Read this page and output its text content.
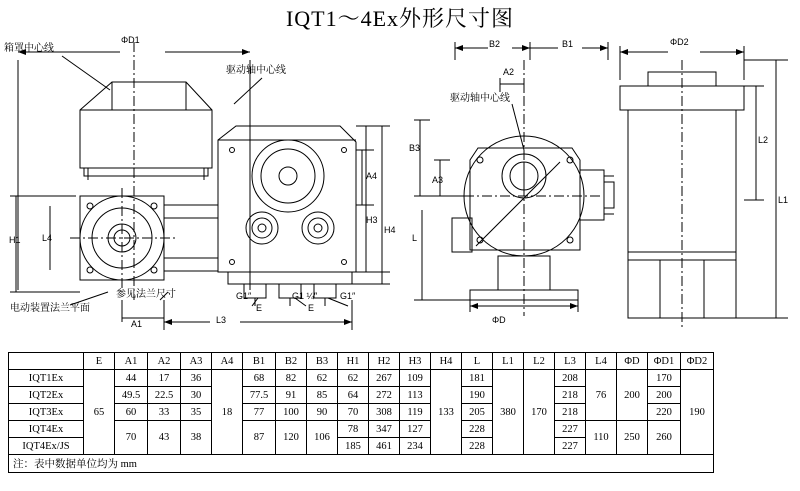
IQT1～4Ex外形尺寸图
ΦD1
箱罩中心线
驱动轴中心线
A4
H3
H4
H1 L4
参见法兰尺寸
电动装置法兰平面
G1″	G1 ¼″	G1″
E	E
A1	L3
B2	B1	ΦD2
A2
驱动轴中心线
B3
A3
L
L2
L1
ΦD
	E	A1	A2	A3	A4	B1	B2	B3	H1	H2	H3	H4	L	L1	L2	L3	L4	ΦD	ΦD1	ΦD2
IQT1Ex	65	44	17	36	18	68	82	62	62	267	109	133	181	380	170	208	76	200	170	190
IQT2Ex		49.5	22.5	30		77.5	91	85	64	272	113		190			218			200	
IQT3Ex		60	33	35		77	100	90	70	308	119		205			218			220	
IQT4Ex		70	43	38		87	120	106	78	347	127		228			227	110	250	260	
IQT4Ex/JS									185	461	234		228			227				
注：表中数据单位均为 mm																				
